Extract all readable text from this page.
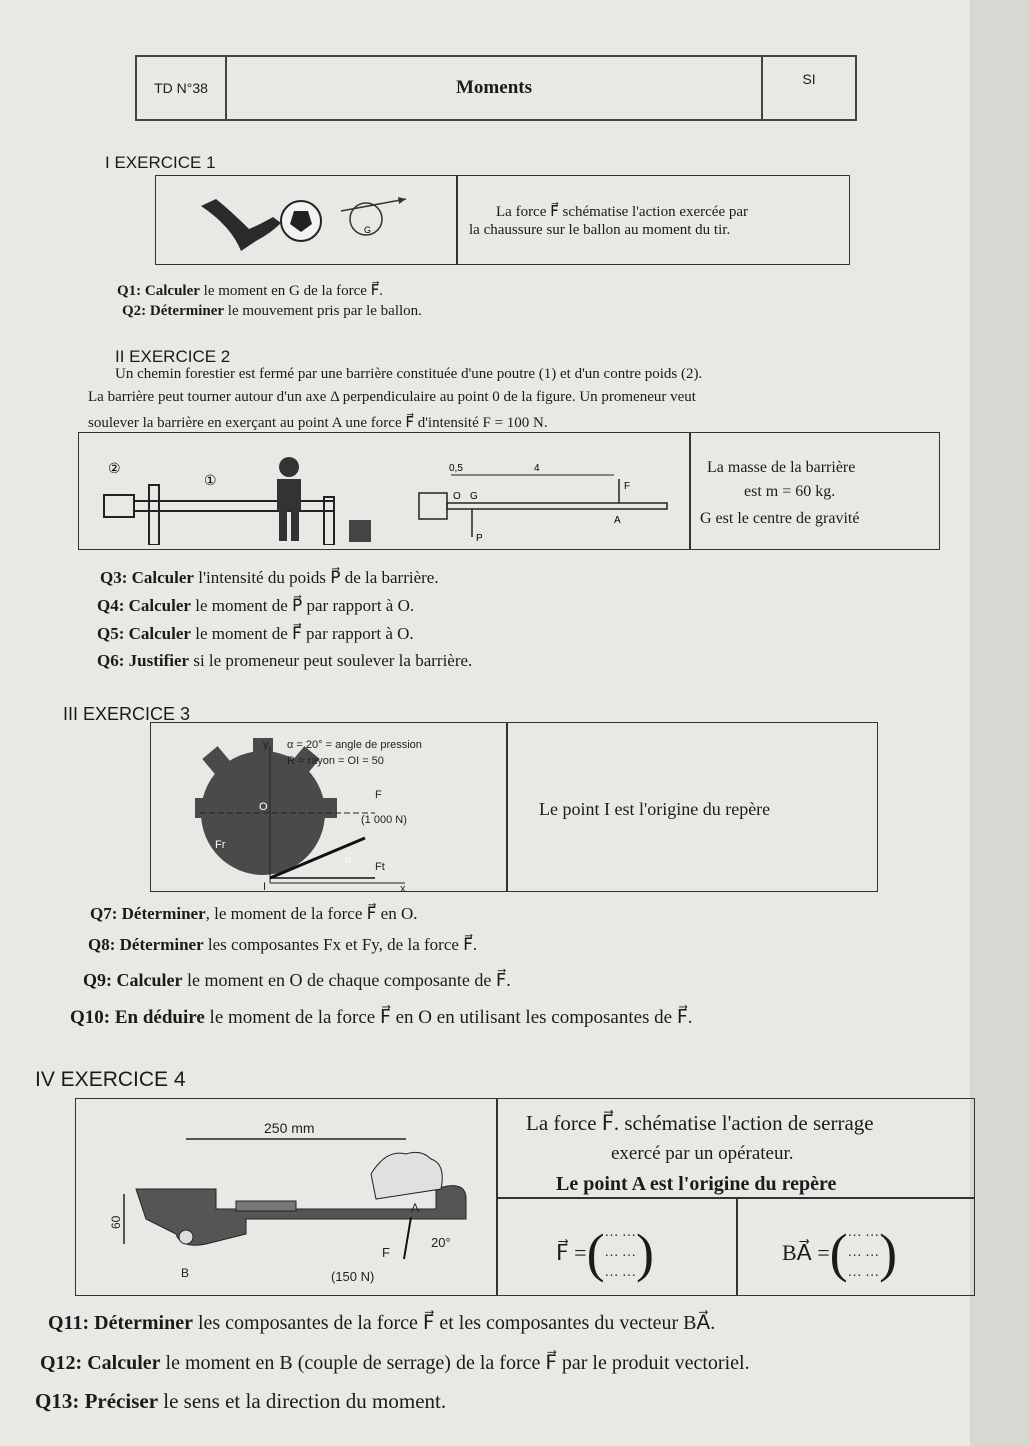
TD N°38	Moments	SI
I EXERCICE 1
G
La force F⃗ schématise l'action exercée par
la chaussure sur le ballon au moment du tir.
Q1: Calculer le moment en G de la force F⃗.
Q2: Déterminer le mouvement pris par le ballon.
II EXERCICE 2
Un chemin forestier est fermé par une barrière constituée d'une poutre (1) et d'un contre poids (2).
La barrière peut tourner autour d'un axe Δ perpendiculaire au point 0 de la figure. Un promeneur veut
soulever la barrière en exerçant au point A une force F⃗ d'intensité F = 100 N.
①
②	0,5	4
O G
A
F
P
La masse de la barrière
est m = 60 kg.
G est le centre de gravité
Q3: Calculer l'intensité du poids P⃗ de la barrière.
Q4: Calculer le moment de P⃗ par rapport à O.
Q5: Calculer le moment de F⃗ par rapport à O.
Q6: Justifier si le promeneur peut soulever la barrière.
III EXERCICE 3
Le point I est l'origine du repère
y α = 20° = angle de pression
R = rayon = OI = 50
F
(1 000 N)
O
Fr
α
Ft
I	x
Q7: Déterminer, le moment de la force F⃗ en O.
Q8: Déterminer les composantes Fx et Fy, de la force F⃗.
Q9: Calculer le moment en O de chaque composante de F⃗.
Q10: En déduire le moment de la force F⃗ en O en utilisant les composantes de F⃗.
IV EXERCICE 4
La force F⃗. schématise l'action de serrage
exercé par un opérateur.
Le point A est l'origine du repère
F⃗ = ( … …
… …
… … )	BA⃗ = ( … …
… …
… … )
250 mm
60
A
B
F
20°
(150 N)
Q11: Déterminer les composantes de la force F⃗ et les composantes du vecteur BA⃗.
Q12: Calculer le moment en B (couple de serrage) de la force F⃗ par le produit vectoriel.
Q13: Préciser le sens et la direction du moment.
